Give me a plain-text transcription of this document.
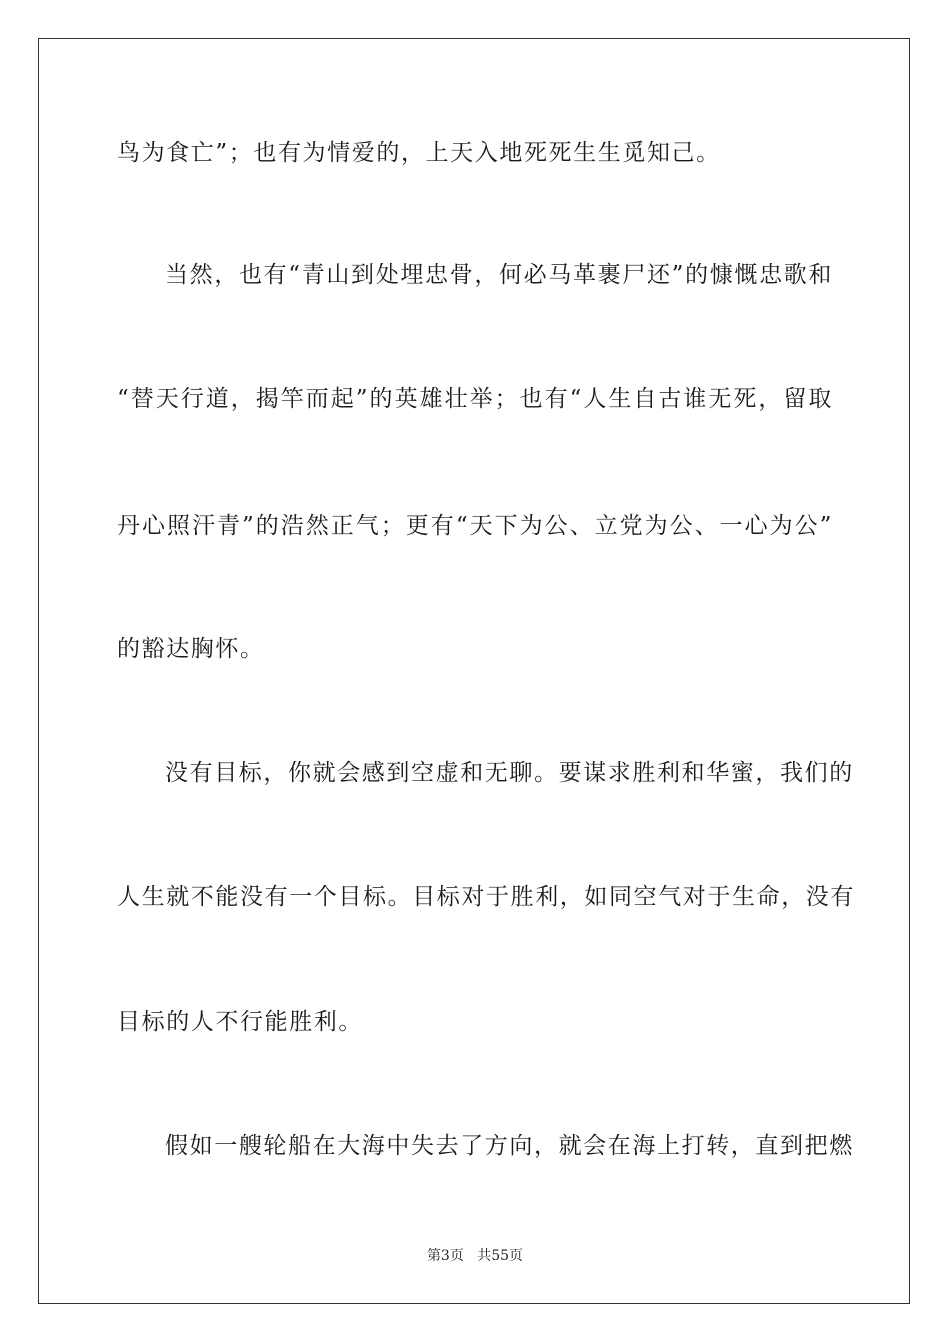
鸟为食亡”；也有为情爱的，上天入地死死生生觅知己。
当然，也有“青山到处埋忠骨，何必马革裹尸还”的慷慨忠歌和
“替天行道，揭竿而起”的英雄壮举；也有“人生自古谁无死，留取
丹心照汗青”的浩然正气；更有“天下为公、立党为公、一心为公”
的豁达胸怀。
没有目标，你就会感到空虚和无聊。要谋求胜利和华蜜，我们的
人生就不能没有一个目标。目标对于胜利，如同空气对于生命，没有
目标的人不行能胜利。
假如一艘轮船在大海中失去了方向，就会在海上打转，直到把燃
第3页 共55页
